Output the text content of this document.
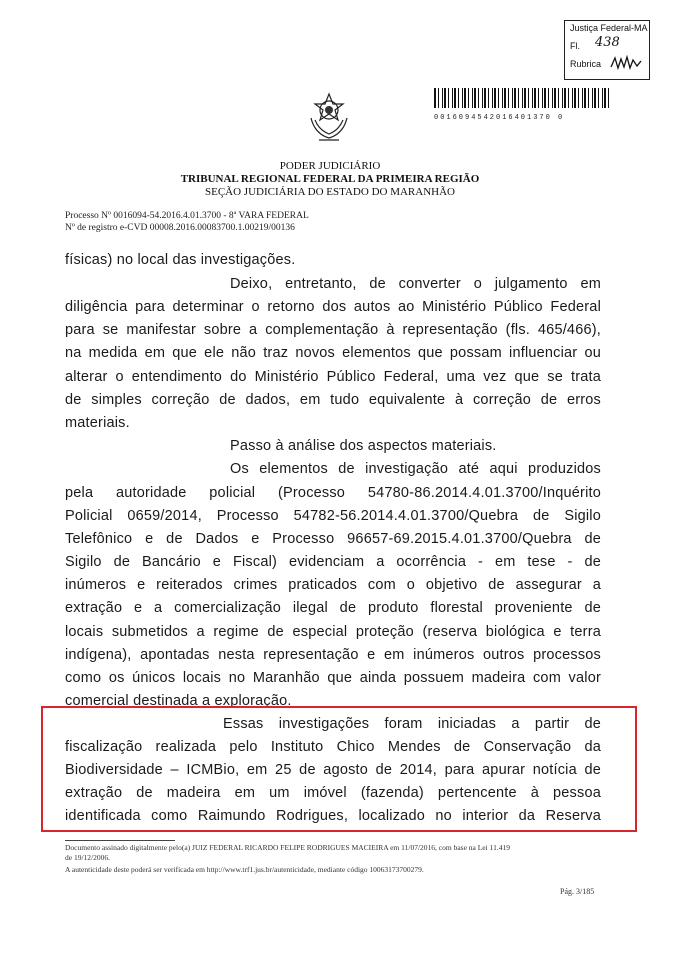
Justiça Federal-MA
Fl. 438
Rubrica
0016094542016401370 0
PODER JUDICIÁRIO
TRIBUNAL REGIONAL FEDERAL DA PRIMEIRA REGIÃO
SEÇÃO JUDICIÁRIA DO ESTADO DO MARANHÃO
Processo Nº 0016094-54.2016.4.01.3700 - 8ª VARA FEDERAL
Nº de registro e-CVD 00008.2016.00083700.1.00219/00136
físicas) no local das investigações.
Deixo, entretanto, de converter o julgamento em
diligência para determinar o retorno dos autos ao Ministério Público Federal
para se manifestar sobre a complementação à representação (fls. 465/466),
na medida em que ele não traz novos elementos que possam influenciar ou
alterar o entendimento do Ministério Público Federal, uma vez que se trata
de simples correção de dados, em tudo equivalente à correção de erros
materiais.
Passo à análise dos aspectos materiais.
Os elementos de investigação até aqui produzidos
pela autoridade policial (Processo 54780-86.2014.4.01.3700/Inquérito
Policial 0659/2014, Processo 54782-56.2014.4.01.3700/Quebra de Sigilo
Telefônico e de Dados e Processo 96657-69.2015.4.01.3700/Quebra de
Sigilo de Bancário e Fiscal) evidenciam a ocorrência - em tese - de
inúmeros e reiterados crimes praticados com o objetivo de assegurar a
extração e a comercialização ilegal de produto florestal proveniente de
locais submetidos a regime de especial proteção (reserva biológica e terra
indígena), apontadas nesta representação e em inúmeros outros processos
como os únicos locais no Maranhão que ainda possuem madeira com valor
comercial destinada a exploração.
Essas investigações foram iniciadas a partir de
fiscalização realizada pelo Instituto Chico Mendes de Conservação da
Biodiversidade – ICMBio, em 25 de agosto de 2014, para apurar notícia de
extração de madeira em um imóvel (fazenda) pertencente à pessoa
identificada como Raimundo Rodrigues, localizado no interior da Reserva
Documento assinado digitalmente pelo(a) JUIZ FEDERAL RICARDO FELIPE RODRIGUES MACIEIRA em 11/07/2016, com base na Lei 11.419
de 19/12/2006.
A autenticidade deste poderá ser verificada em http://www.trf1.jus.br/autenticidade, mediante código 10063173700279.
Pág. 3/185
